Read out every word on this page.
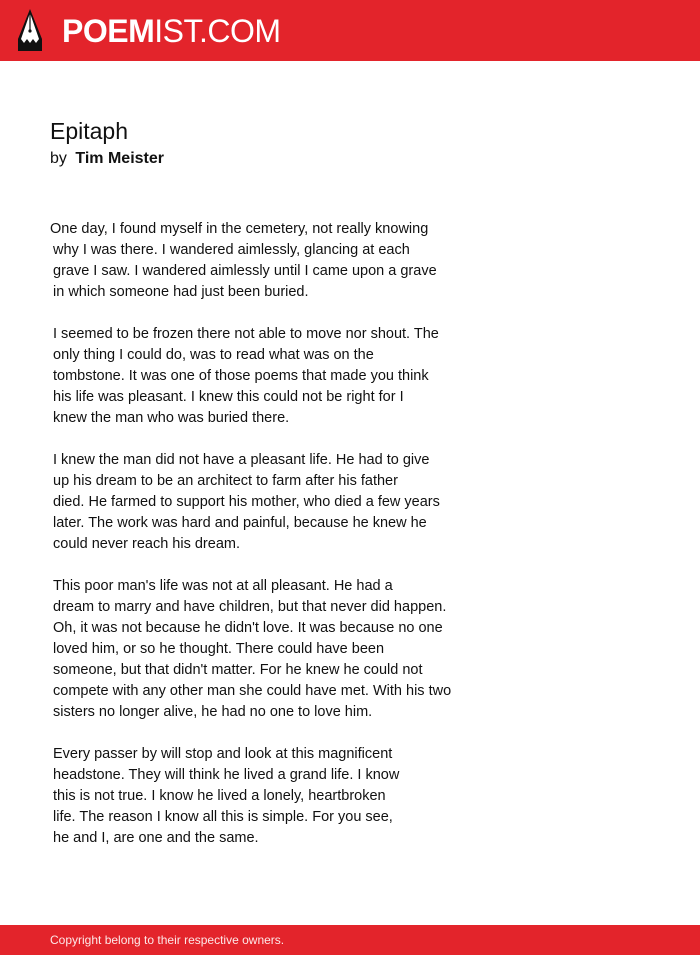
POEMIST.COM
Epitaph
by Tim Meister
One day, I found myself in the cemetery, not really knowing
why I was there. I wandered aimlessly, glancing at each
grave I saw. I wandered aimlessly until I came upon a grave
in which someone had just been buried.
I seemed to be frozen there not able to move nor shout. The
only thing I could do, was to read what was on the
tombstone. It was one of those poems that made you think
his life was pleasant. I knew this could not be right for I
knew the man who was buried there.
I knew the man did not have a pleasant life. He had to give
up his dream to be an architect to farm after his father
died. He farmed to support his mother, who died a few years
later. The work was hard and painful, because he knew he
could never reach his dream.
This poor man's life was not at all pleasant. He had a
dream to marry and have children, but that never did happen.
Oh, it was not because he didn't love. It was because no one
loved him, or so he thought. There could have been
someone, but that didn't matter. For he knew he could not
compete with any other man she could have met. With his two
sisters no longer alive, he had no one to love him.
Every passer by will stop and look at this magnificent
headstone. They will think he lived a grand life. I know
this is not true. I know he lived a lonely, heartbroken
life. The reason I know all this is simple. For you see,
he and I, are one and the same.
Copyright belong to their respective owners.
